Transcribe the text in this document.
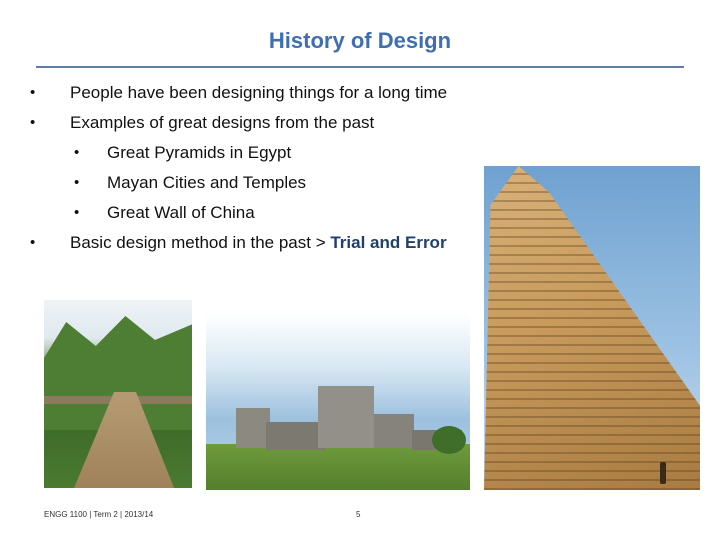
History of Design
• People have been designing things for a long time
• Examples of great designs from the past
• Great Pyramids in Egypt
• Mayan Cities and Temples
• Great Wall of China
• Basic design method in the past > Trial and Error
ENGG 1100 | Term 2 | 2013/14	5
